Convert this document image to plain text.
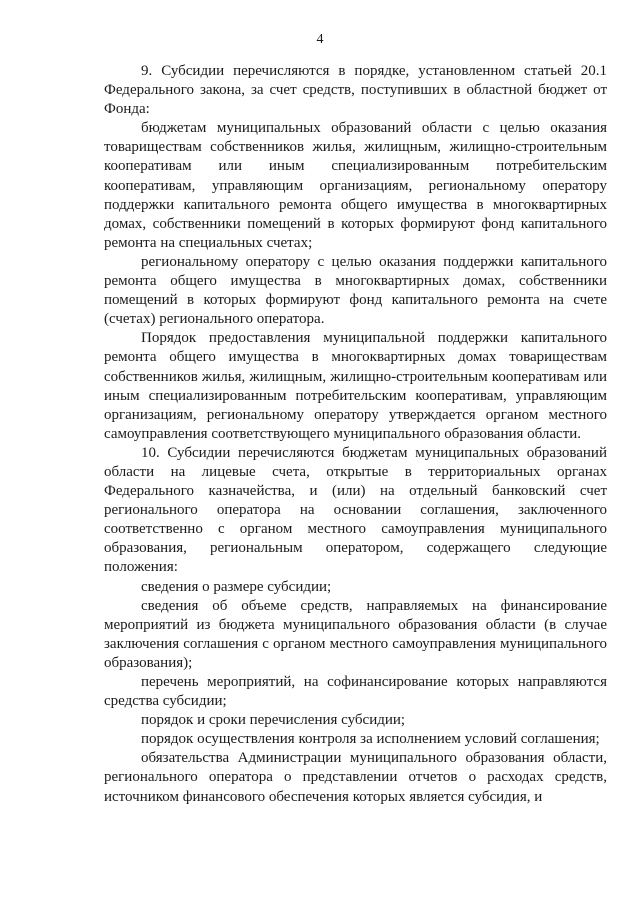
4

9. Субсидии перечисляются в порядке, установленном статьей 20.1 Федерального закона, за счет средств, поступивших в областной бюджет от Фонда:

бюджетам муниципальных образований области с целью оказания товариществам собственников жилья, жилищным, жилищно-строительным кооперативам или иным специализированным потребительским кооперативам, управляющим организациям, региональному оператору поддержки капитального ремонта общего имущества в многоквартирных домах, собственники помещений в которых формируют фонд капитального ремонта на специальных счетах;

региональному оператору с целью оказания поддержки капитального ремонта общего имущества в многоквартирных домах, собственники помещений в которых формируют фонд капитального ремонта на счете (счетах) регионального оператора.

Порядок предоставления муниципальной поддержки капитального ремонта общего имущества в многоквартирных домах товариществам собственников жилья, жилищным, жилищно-строительным кооперативам или иным специализированным потребительским кооперативам, управляющим организациям, региональному оператору утверждается органом местного самоуправления соответствующего муниципального образования области.

10. Субсидии перечисляются бюджетам муниципальных образований области на лицевые счета, открытые в территориальных органах Федерального казначейства, и (или) на отдельный банковский счет регионального оператора на основании соглашения, заключенного соответственно с органом местного самоуправления муниципального образования, региональным оператором, содержащего следующие положения:

сведения о размере субсидии;

сведения об объеме средств, направляемых на финансирование мероприятий из бюджета муниципального образования области (в случае заключения соглашения с органом местного самоуправления муниципального образования);

перечень мероприятий, на софинансирование которых направляются средства субсидии;

порядок и сроки перечисления субсидии;

порядок осуществления контроля за исполнением условий соглашения;

обязательства Администрации муниципального образования области, регионального оператора о представлении отчетов о расходах средств, источником финансового обеспечения которых является субсидия, и
